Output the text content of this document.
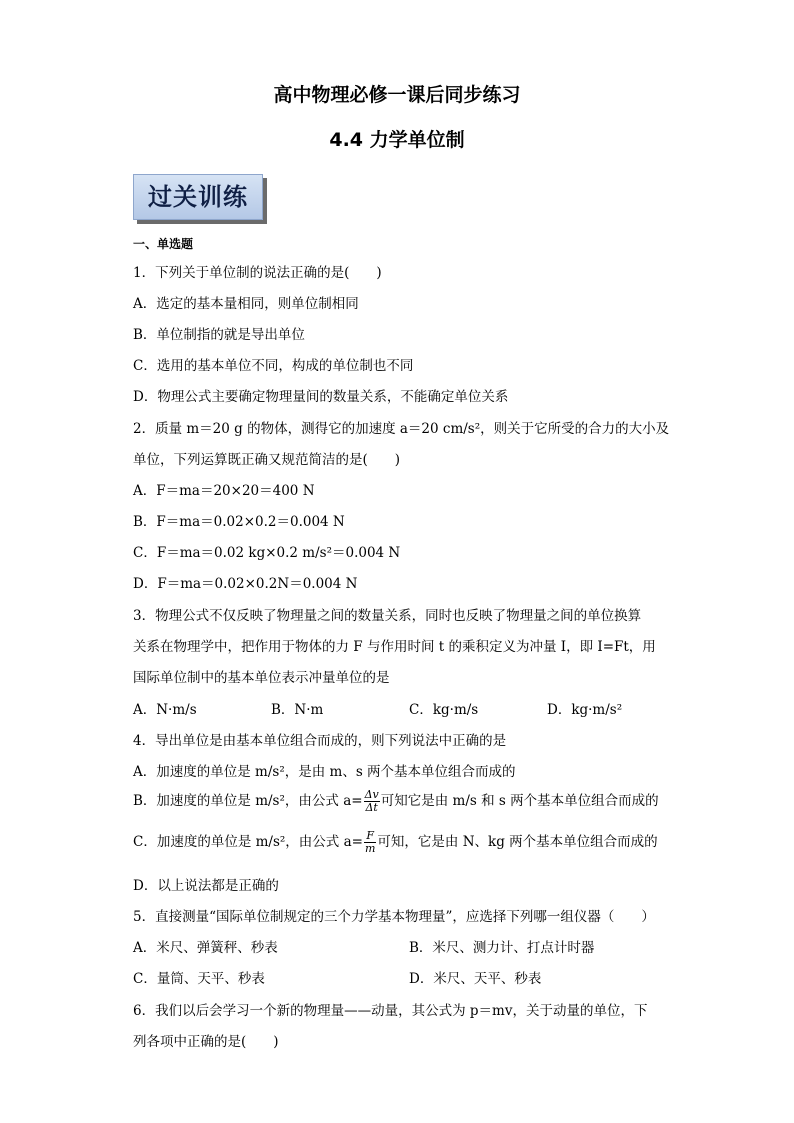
高中物理必修一课后同步练习
4.4 力学单位制
过关训练
一、单选题
1．下列关于单位制的说法正确的是(　　)
A．选定的基本量相同，则单位制相同
B．单位制指的就是导出单位
C．选用的基本单位不同，构成的单位制也不同
D．物理公式主要确定物理量间的数量关系，不能确定单位关系
2．质量 m＝20 g 的物体，测得它的加速度 a＝20 cm/s²，则关于它所受的合力的大小及
单位，下列运算既正确又规范简洁的是(　　)
A．F＝ma＝20×20＝400 N
B．F＝ma＝0.02×0.2＝0.004 N
C．F＝ma＝0.02 kg×0.2 m/s²＝0.004 N
D．F＝ma＝0.02×0.2N＝0.004 N
3．物理公式不仅反映了物理量之间的数量关系，同时也反映了物理量之间的单位换算
关系在物理学中，把作用于物体的力 F 与作用时间 t 的乘积定义为冲量 I，即 I=Ft，用
国际单位制中的基本单位表示冲量单位的是
A．N·m/s	B．N·m	C．kg·m/s	D．kg·m/s²
4．导出单位是由基本单位组合而成的，则下列说法中正确的是
A．加速度的单位是 m/s²，是由 m、s 两个基本单位组合而成的
B．加速度的单位是 m/s²，由公式 $a= \frac{\Delta v}{\Delta t}$ 可知它是由 m/s 和 s 两个基本单位组合而成的
C．加速度的单位是 m/s²，由公式 $a= \frac{F}{m}$ 可知，它是由 N、kg 两个基本单位组合而成的
D．以上说法都是正确的
5．直接测量“国际单位制规定的三个力学基本物理量”，应选择下列哪一组仪器（　　）
A．米尺、弹簧秤、秒表	B．米尺、测力计、打点计时器
C．量筒、天平、秒表	D．米尺、天平、秒表
6．我们以后会学习一个新的物理量——动量，其公式为 p＝mv，关于动量的单位，下
列各项中正确的是(　　)
